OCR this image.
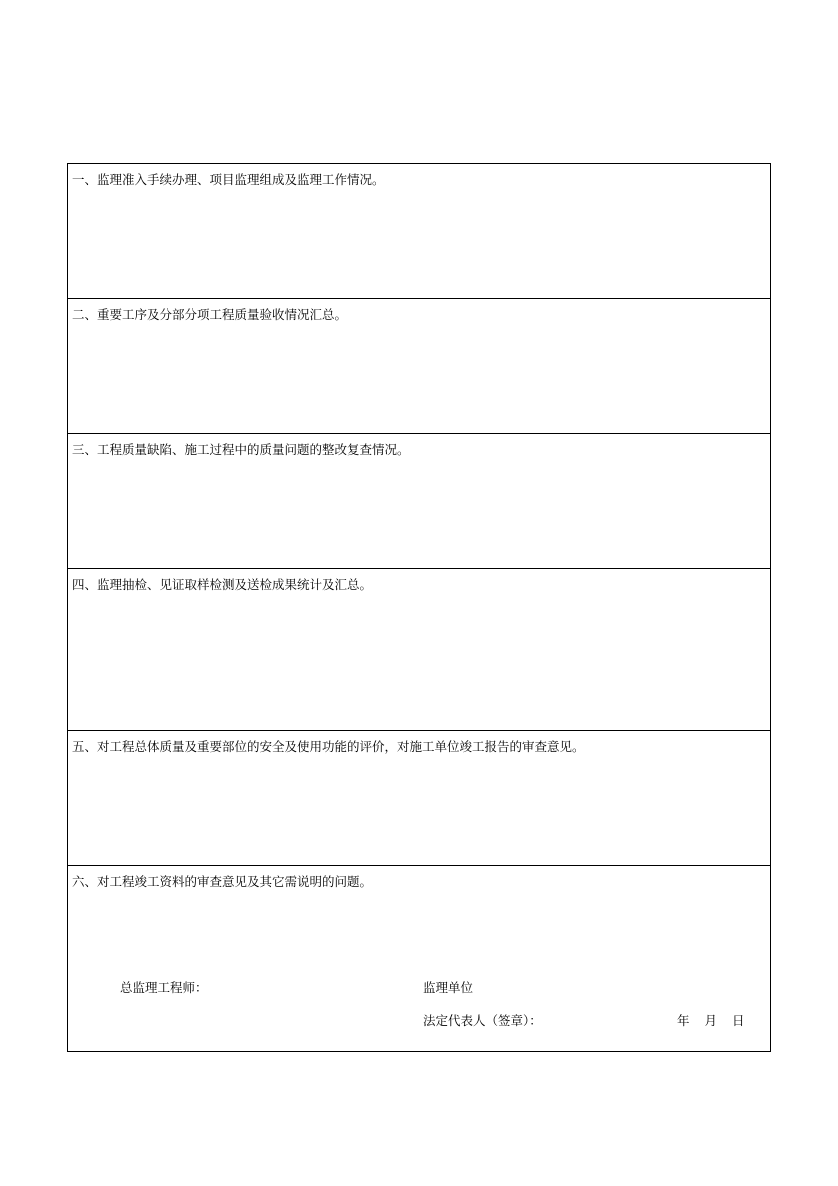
一、监理准入手续办理、项目监理组成及监理工作情况。
二、重要工序及分部分项工程质量验收情况汇总。
三、工程质量缺陷、施工过程中的质量问题的整改复查情况。
四、监理抽检、见证取样检测及送检成果统计及汇总。
五、对工程总体质量及重要部位的安全及使用功能的评价，对施工单位竣工报告的审查意见。
六、对工程竣工资料的审查意见及其它需说明的问题。
总监理工程师：	监理单位
法定代表人（签章）：	年 月 日
